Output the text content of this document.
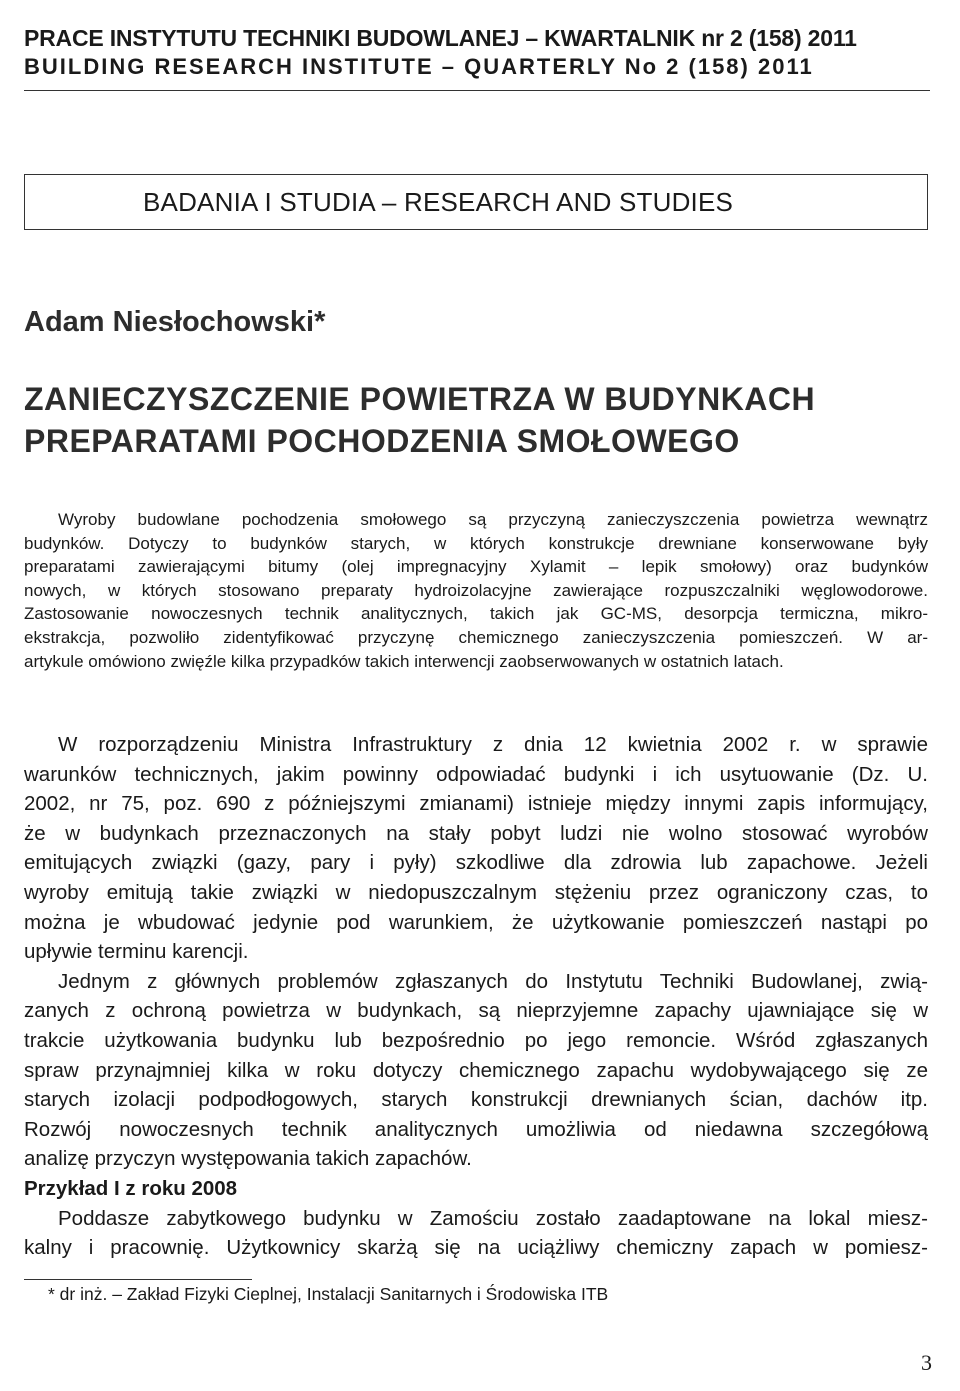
PRACE INSTYTUTU TECHNIKI BUDOWLANEJ – KWARTALNIK nr 2 (158) 2011
BUILDING RESEARCH INSTITUTE – QUARTERLY No 2 (158) 2011
BADANIA I STUDIA – RESEARCH AND STUDIES
Adam Niesłochowski*
ZANIECZYSZCZENIE POWIETRZA W BUDYNKACH
PREPARATAMI POCHODZENIA SMOŁOWEGO
Wyroby budowlane pochodzenia smołowego są przyczyną zanieczyszczenia powietrza wewnątrz
budynków. Dotyczy to budynków starych, w których konstrukcje drewniane konserwowane były
preparatami zawierającymi bitumy (olej impregnacyjny Xylamit – lepik smołowy) oraz budynków
nowych, w których stosowano preparaty hydroizolacyjne zawierające rozpuszczalniki węglowodorowe.
Zastosowanie nowoczesnych technik analitycznych, takich jak GC-MS, desorpcja termiczna, mikro-
ekstrakcja, pozwoliło zidentyfikować przyczynę chemicznego zanieczyszczenia pomieszczeń. W ar-
artykule omówiono zwięźle kilka przypadków takich interwencji zaobserwowanych w ostatnich latach.
W rozporządzeniu Ministra Infrastruktury z dnia 12 kwietnia 2002 r. w sprawie
warunków technicznych, jakim powinny odpowiadać budynki i ich usytuowanie (Dz. U.
2002, nr 75, poz. 690 z późniejszymi zmianami) istnieje między innymi zapis informujący,
że w budynkach przeznaczonych na stały pobyt ludzi nie wolno stosować wyrobów
emitujących związki (gazy, pary i pyły) szkodliwe dla zdrowia lub zapachowe. Jeżeli
wyroby emitują takie związki w niedopuszczalnym stężeniu przez ograniczony czas, to
można je wbudować jedynie pod warunkiem, że użytkowanie pomieszczeń nastąpi po
upływie terminu karencji.
Jednym z głównych problemów zgłaszanych do Instytutu Techniki Budowlanej, zwią-
zanych z ochroną powietrza w budynkach, są nieprzyjemne zapachy ujawniające się w
trakcie użytkowania budynku lub bezpośrednio po jego remoncie. Wśród zgłaszanych
spraw przynajmniej kilka w roku dotyczy chemicznego zapachu wydobywającego się ze
starych izolacji podpodłogowych, starych konstrukcji drewnianych ścian, dachów itp.
Rozwój nowoczesnych technik analitycznych umożliwia od niedawna szczegółową
analizę przyczyn występowania takich zapachów.
Przykład I z roku 2008
Poddasze zabytkowego budynku w Zamościu zostało zaadaptowane na lokal miesz-
kalny i pracownię. Użytkownicy skarżą się na uciążliwy chemiczny zapach w pomiesz-
* dr inż. – Zakład Fizyki Cieplnej, Instalacji Sanitarnych i Środowiska ITB
3
